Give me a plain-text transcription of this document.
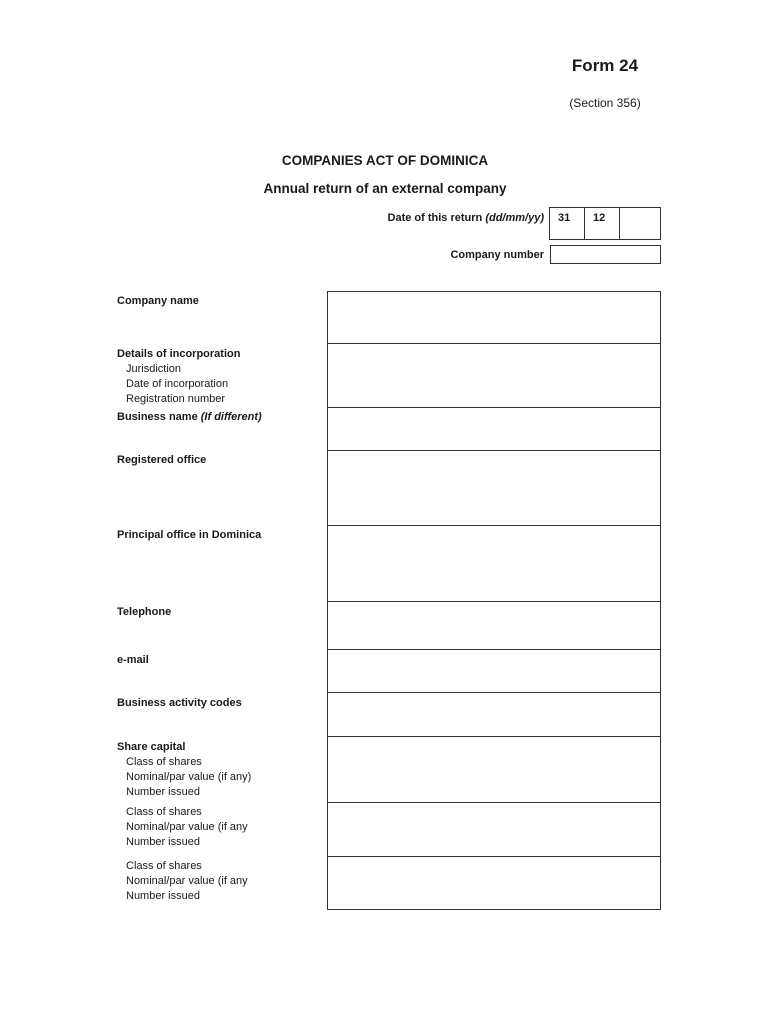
Form 24
(Section 356)
COMPANIES ACT OF DOMINICA
Annual return of an external company
Date of this return (dd/mm/yy)	31	12
Company number
Company name
Details of incorporation
Jurisdiction
Date of incorporation
Registration number
Business name (If different)
Registered office
Principal office in Dominica
Telephone
e-mail
Business activity codes
Share capital
Class of shares
Nominal/par value (if any)
Number issued
Class of shares
Nominal/par value (if any
Number issued
Class of shares
Nominal/par value (if any
Number issued
